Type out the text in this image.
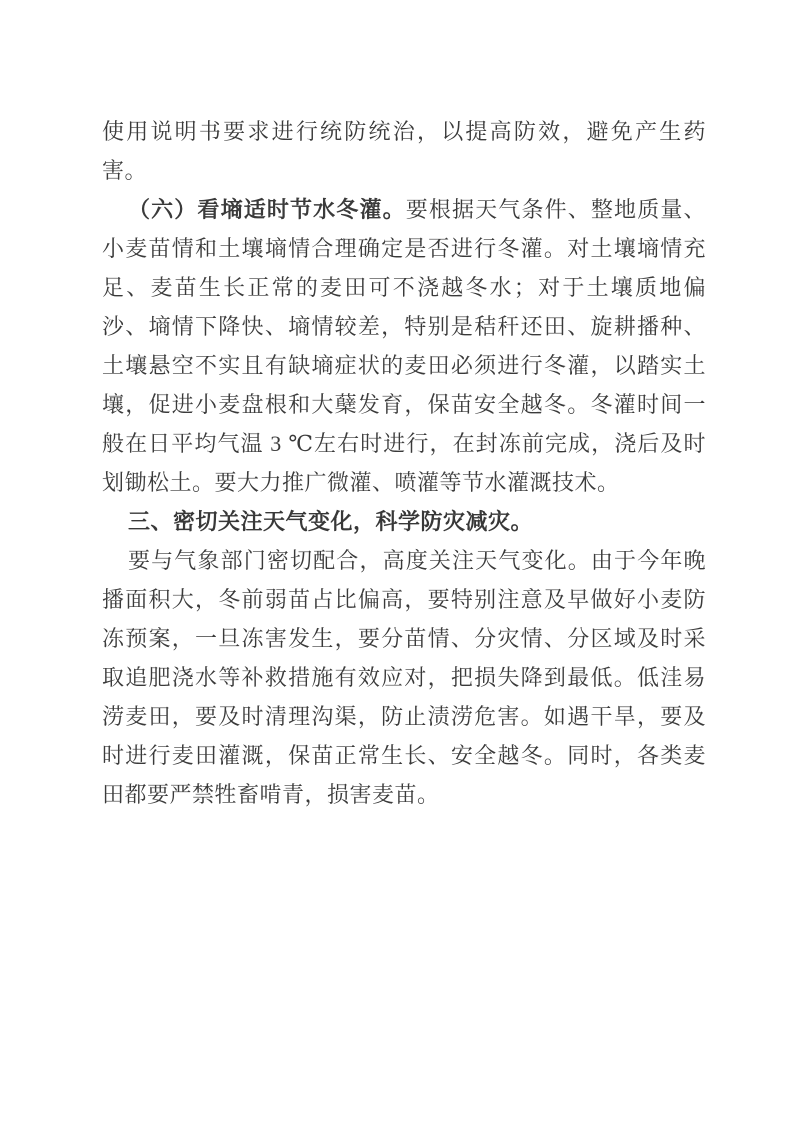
使用说明书要求进行统防统治，以提高防效，避免产生药害。

（六）看墒适时节水冬灌。要根据天气条件、整地质量、小麦苗情和土壤墒情合理确定是否进行冬灌。对土壤墒情充足、麦苗生长正常的麦田可不浇越冬水；对于土壤质地偏沙、墒情下降快、墒情较差，特别是秸秆还田、旋耕播种、土壤悬空不实且有缺墒症状的麦田必须进行冬灌，以踏实土壤，促进小麦盘根和大蘖发育，保苗安全越冬。冬灌时间一般在日平均气温 3 ℃左右时进行，在封冻前完成，浇后及时划锄松土。要大力推广微灌、喷灌等节水灌溉技术。

三、密切关注天气变化，科学防灾减灾。

要与气象部门密切配合，高度关注天气变化。由于今年晚播面积大，冬前弱苗占比偏高，要特别注意及早做好小麦防冻预案，一旦冻害发生，要分苗情、分灾情、分区域及时采取追肥浇水等补救措施有效应对，把损失降到最低。低洼易涝麦田，要及时清理沟渠，防止渍涝危害。如遇干旱，要及时进行麦田灌溉，保苗正常生长、安全越冬。同时，各类麦田都要严禁牲畜啃青，损害麦苗。
